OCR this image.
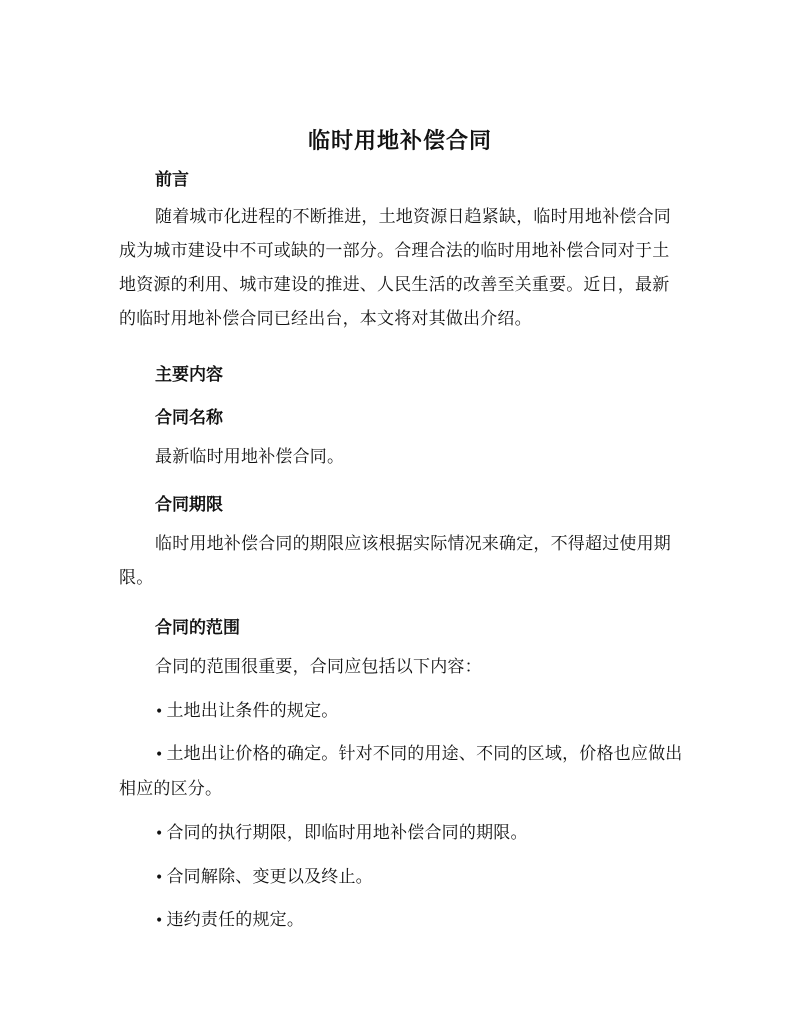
临时用地补偿合同
前言
随着城市化进程的不断推进，土地资源日趋紧缺，临时用地补偿合同成为城市建设中不可或缺的一部分。合理合法的临时用地补偿合同对于土地资源的利用、城市建设的推进、人民生活的改善至关重要。近日，最新的临时用地补偿合同已经出台，本文将对其做出介绍。
主要内容
合同名称
最新临时用地补偿合同。
合同期限
临时用地补偿合同的期限应该根据实际情况来确定，不得超过使用期限。
合同的范围
合同的范围很重要，合同应包括以下内容：
• 土地出让条件的规定。
• 土地出让价格的确定。针对不同的用途、不同的区域，价格也应做出相应的区分。
• 合同的执行期限，即临时用地补偿合同的期限。
• 合同解除、变更以及终止。
• 违约责任的规定。
